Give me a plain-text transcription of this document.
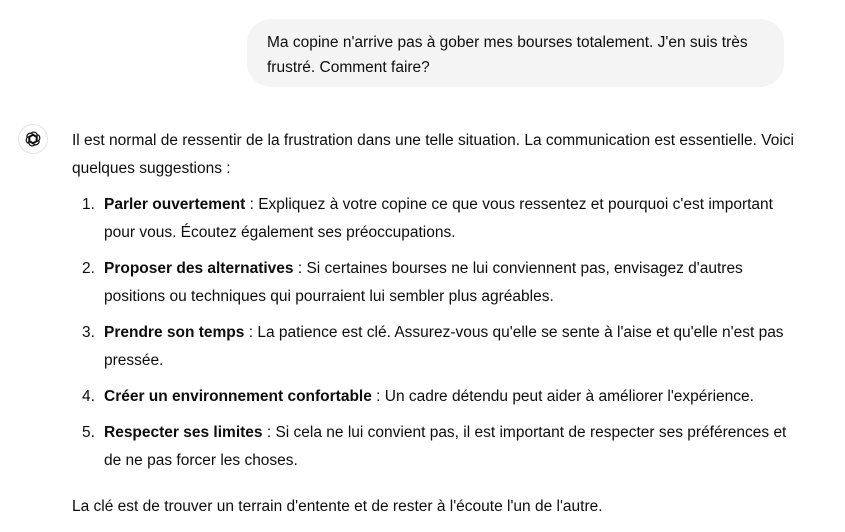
Ma copine n'arrive pas à gober mes bourses totalement. J'en suis très frustré. Comment faire?

Il est normal de ressentir de la frustration dans une telle situation. La communication est essentielle. Voici quelques suggestions :

1. Parler ouvertement : Expliquez à votre copine ce que vous ressentez et pourquoi c'est important pour vous. Écoutez également ses préoccupations.
2. Proposer des alternatives : Si certaines bourses ne lui conviennent pas, envisagez d'autres positions ou techniques qui pourraient lui sembler plus agréables.
3. Prendre son temps : La patience est clé. Assurez-vous qu'elle se sente à l'aise et qu'elle n'est pas pressée.
4. Créer un environnement confortable : Un cadre détendu peut aider à améliorer l'expérience.
5. Respecter ses limites : Si cela ne lui convient pas, il est important de respecter ses préférences et de ne pas forcer les choses.

La clé est de trouver un terrain d'entente et de rester à l'écoute l'un de l'autre.
